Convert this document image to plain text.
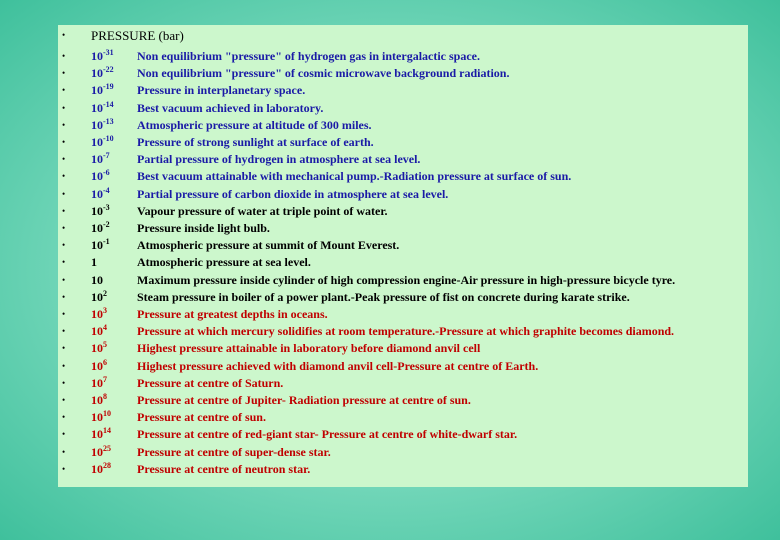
• PRESSURE (bar)
• $10^{-31}$ Non equilibrium "pressure" of hydrogen gas in intergalactic space.
• $10^{-22}$ Non equilibrium "pressure" of cosmic microwave background radiation.
• $10^{-19}$ Pressure in interplanetary space.
• $10^{-14}$ Best vacuum achieved in laboratory.
• $10^{-13}$ Atmospheric pressure at altitude of 300 miles.
• $10^{-10}$ Pressure of strong sunlight at surface of earth.
• $10^{-7}$ Partial pressure of hydrogen in atmosphere at sea level.
• $10^{-6}$ Best vacuum attainable with mechanical pump.-Radiation pressure at surface of sun.
• $10^{-4}$ Partial pressure of carbon dioxide in atmosphere at sea level.
• $10^{-3}$ Vapour pressure of water at triple point of water.
• $10^{-2}$ Pressure inside light bulb.
• $10^{-1}$ Atmospheric pressure at summit of Mount Everest.
• 1	Atmospheric pressure at sea level.
• 10	Maximum pressure inside cylinder of high compression engine-Air pressure in high-pressure bicycle tyre.
• $10^2$	Steam pressure in boiler of a power plant.-Peak pressure of fist on concrete during karate strike.
• $10^3$	Pressure at greatest depths in oceans.
• $10^4$	Pressure at which mercury solidifies at room temperature.-Pressure at which graphite becomes diamond.
• $10^5$	Highest pressure attainable in laboratory before diamond anvil cell
• $10^6$	Highest pressure achieved with diamond anvil cell-Pressure at centre of Earth.
• $10^7$	Pressure at centre of Saturn.
• $10^8$	Pressure at centre of Jupiter- Radiation pressure at centre of sun.
• $10^{10}$ Pressure at centre of sun.
• $10^{14}$ Pressure at centre of red-giant star- Pressure at centre of white-dwarf star.
• $10^{25}$ Pressure at centre of super-dense star.
• $10^{28}$ Pressure at centre of neutron star.
